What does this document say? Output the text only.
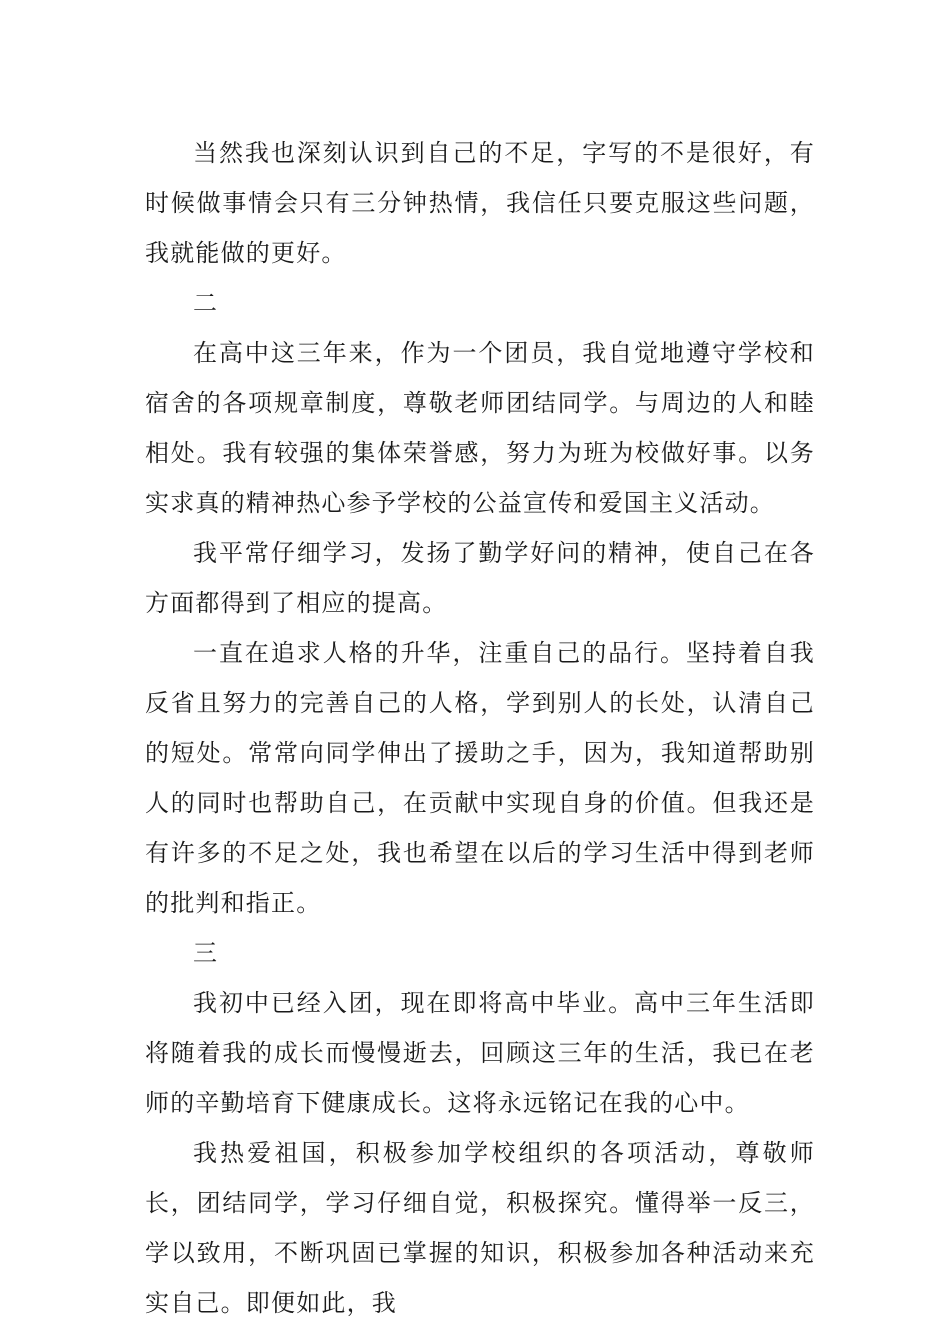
当然我也深刻认识到自己的不足，字写的不是很好，有时候做事情会只有三分钟热情，我信任只要克服这些问题，我就能做的更好。

二

在高中这三年来，作为一个团员，我自觉地遵守学校和宿舍的各项规章制度，尊敬老师团结同学。与周边的人和睦相处。我有较强的集体荣誉感，努力为班为校做好事。以务实求真的精神热心参予学校的公益宣传和爱国主义活动。

我平常仔细学习，发扬了勤学好问的精神，使自己在各方面都得到了相应的提高。

一直在追求人格的升华，注重自己的品行。坚持着自我反省且努力的完善自己的人格，学到别人的长处，认清自己的短处。常常向同学伸出了援助之手，因为，我知道帮助别人的同时也帮助自己，在贡献中实现自身的价值。但我还是有许多的不足之处，我也希望在以后的学习生活中得到老师的批判和指正。

三

我初中已经入团，现在即将高中毕业。高中三年生活即将随着我的成长而慢慢逝去，回顾这三年的生活，我已在老师的辛勤培育下健康成长。这将永远铭记在我的心中。

我热爱祖国，积极参加学校组织的各项活动，尊敬师长，团结同学，学习仔细自觉，积极探究。懂得举一反三，学以致用，不断巩固已掌握的知识，积极参加各种活动来充实自己。即便如此，我
